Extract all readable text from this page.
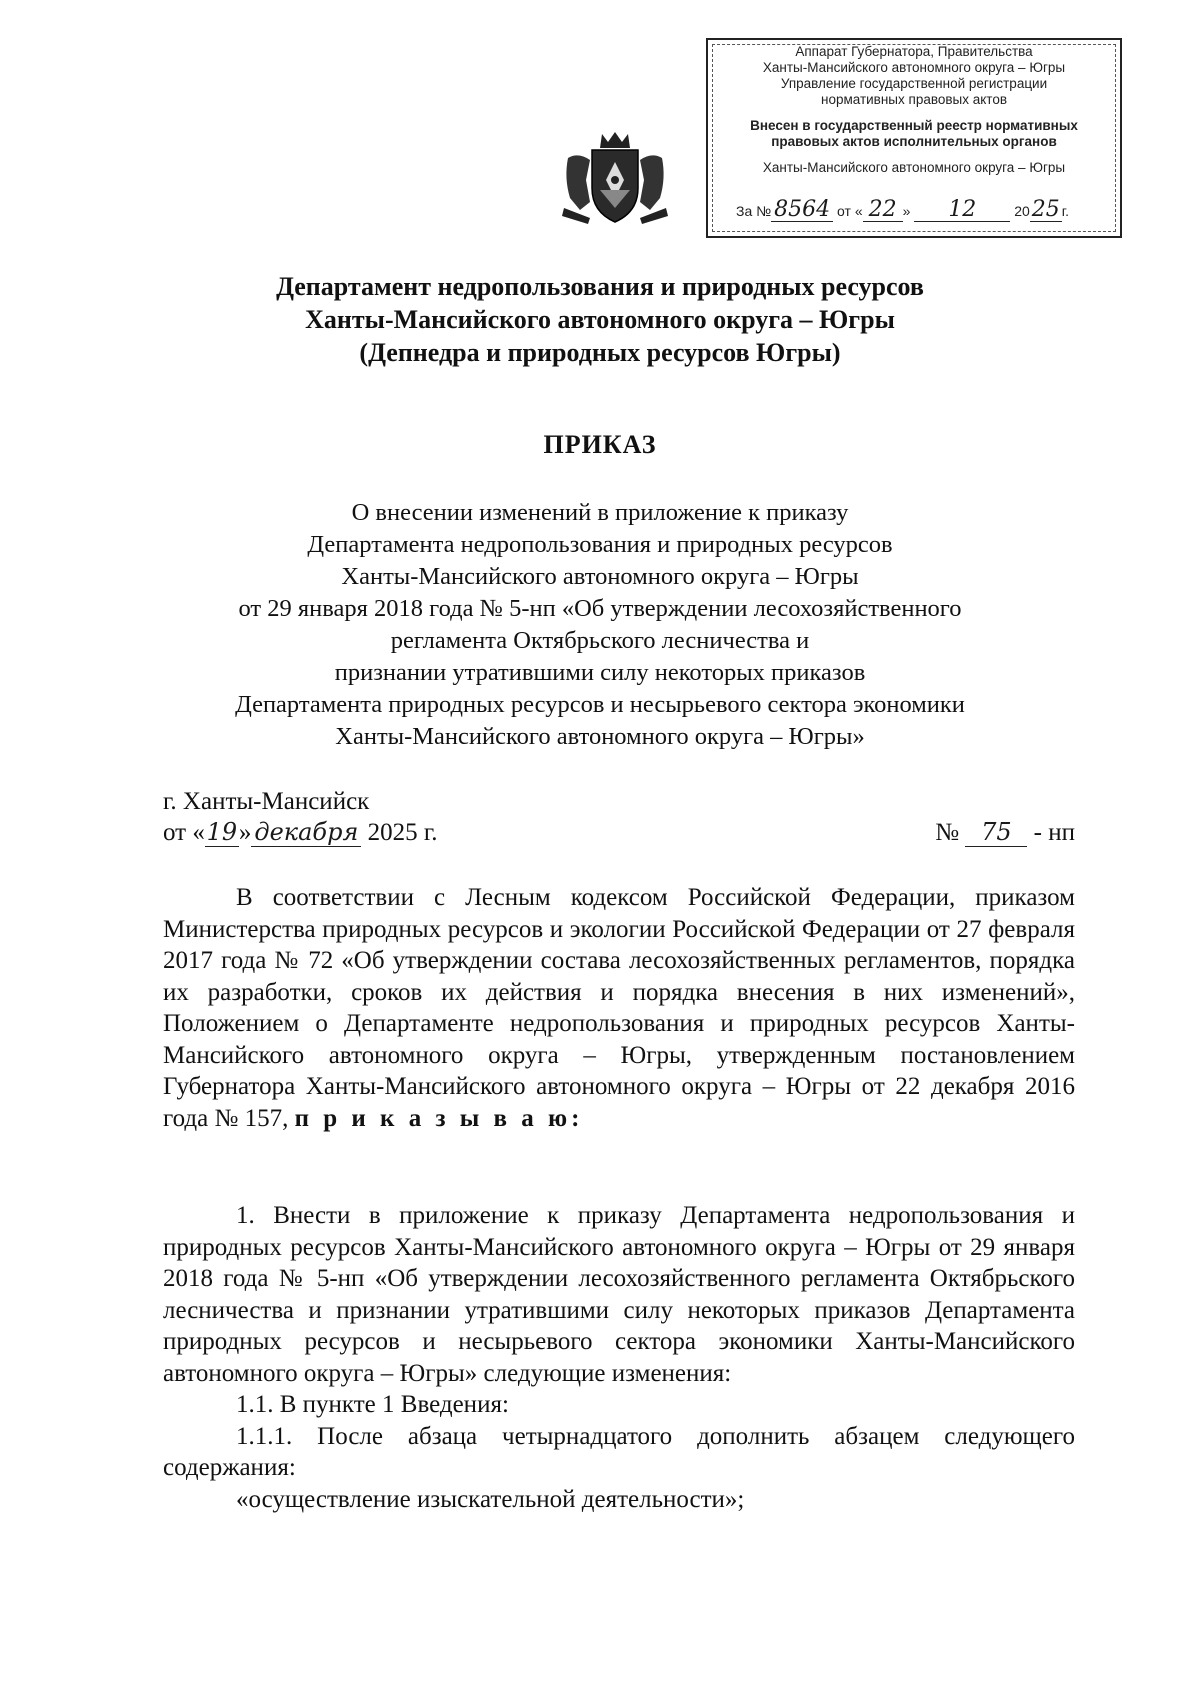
Аппарат Губернатора, Правительства
Ханты-Мансийского автономного округа – Югры
Управление государственной регистрации
нормативных правовых актов
Внесен в государственный реестр нормативных
правовых актов исполнительных органов
Ханты-Мансийского автономного округа – Югры
За № 8564 от « 22 » 12	2025 г.
Департамент недропользования и природных ресурсов
Ханты-Мансийского автономного округа – Югры
(Депнедра и природных ресурсов Югры)
ПРИКАЗ
О внесении изменений в приложение к приказу
Департамента недропользования и природных ресурсов
Ханты-Мансийского автономного округа – Югры
от 29 января 2018 года № 5-нп «Об утверждении лесохозяйственного
регламента Октябрьского лесничества и
признании утратившими силу некоторых приказов
Департамента природных ресурсов и несырьевого сектора экономики
Ханты-Мансийского автономного округа – Югры»
г. Ханты-Мансийск
от «19» декабря 2025 г.	№ 75 - нп

В соответствии с Лесным кодексом Российской Федерации, приказом Министерства природных ресурсов и экологии Российской Федерации от 27 февраля 2017 года № 72 «Об утверждении состава лесохозяйственных регламентов, порядка их разработки, сроков их действия и порядка внесения в них изменений», Положением о Департаменте недропользования и природных ресурсов Ханты-Мансийского автономного округа – Югры, утвержденным постановлением Губернатора Ханты-Мансийского автономного округа – Югры от 22 декабря 2016 года № 157, п р и к а з ы в а ю:

1. Внести в приложение к приказу Департамента недропользования и природных ресурсов Ханты-Мансийского автономного округа – Югры от 29 января 2018 года № 5-нп «Об утверждении лесохозяйственного регламента Октябрьского лесничества и признании утратившими силу некоторых приказов Департамента природных ресурсов и несырьевого сектора экономики Ханты-Мансийского автономного округа – Югры» следующие изменения:

1.1. В пункте 1 Введения:

1.1.1. После абзаца четырнадцатого дополнить абзацем следующего содержания:

«осуществление изыскательной деятельности»;
